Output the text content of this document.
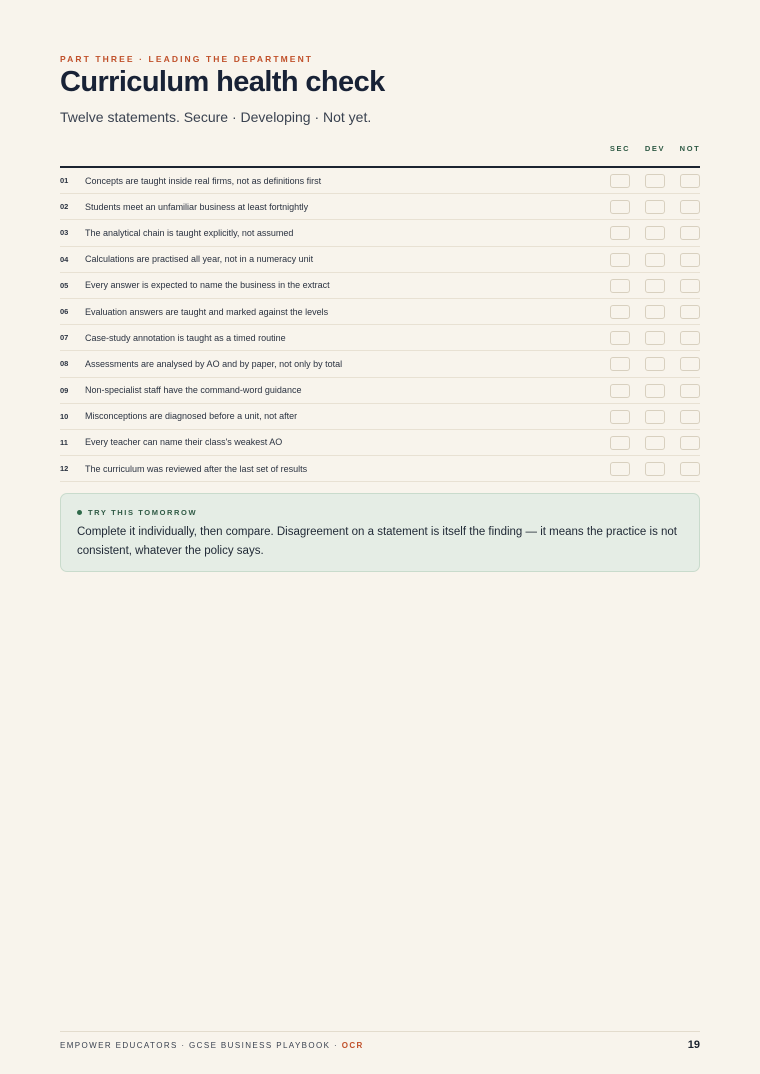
PART THREE · LEADING THE DEPARTMENT
Curriculum health check
Twelve statements. Secure · Developing · Not yet.
SEC	DEV	NOT
01	Concepts are taught inside real firms, not as definitions first
02	Students meet an unfamiliar business at least fortnightly
03	The analytical chain is taught explicitly, not assumed
04	Calculations are practised all year, not in a numeracy unit
05	Every answer is expected to name the business in the extract
06	Evaluation answers are taught and marked against the levels
07	Case-study annotation is taught as a timed routine
08	Assessments are analysed by AO and by paper, not only by total
09	Non-specialist staff have the command-word guidance
10	Misconceptions are diagnosed before a unit, not after
11	Every teacher can name their class's weakest AO
12	The curriculum was reviewed after the last set of results
TRY THIS TOMORROW
Complete it individually, then compare. Disagreement on a statement is itself the finding — it means the practice is not consistent, whatever the policy says.
EMPOWER EDUCATORS · GCSE BUSINESS PLAYBOOK · OCR	19
